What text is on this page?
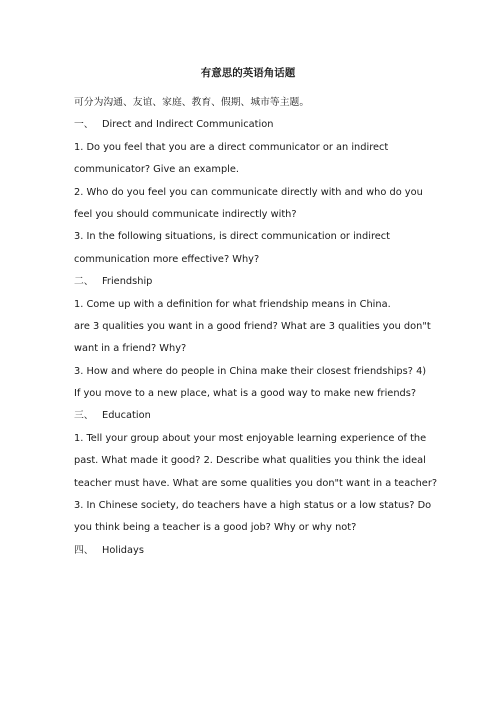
有意思的英语角话题
可分为沟通、友谊、家庭、教育、假期、城市等主题。
一、 Direct and Indirect Communication
1. Do you feel that you are a direct communicator or an indirect
communicator? Give an example.
2. Who do you feel you can communicate directly with and who do you
feel you should communicate indirectly with?
3. In the following situations, is direct communication or indirect
communication more effective? Why?
二、 Friendship
1. Come up with a definition for what friendship means in China.
are 3 qualities you want in a good friend? What are 3 qualities you don"t
want in a friend? Why?
3. How and where do people in China make their closest friendships? 4)
If you move to a new place, what is a good way to make new friends?
三、 Education
1. Tell your group about your most enjoyable learning experience of the
past. What made it good? 2. Describe what qualities you think the ideal
teacher must have. What are some qualities you don"t want in a teacher?
3. In Chinese society, do teachers have a high status or a low status? Do
you think being a teacher is a good job? Why or why not?
四、 Holidays
